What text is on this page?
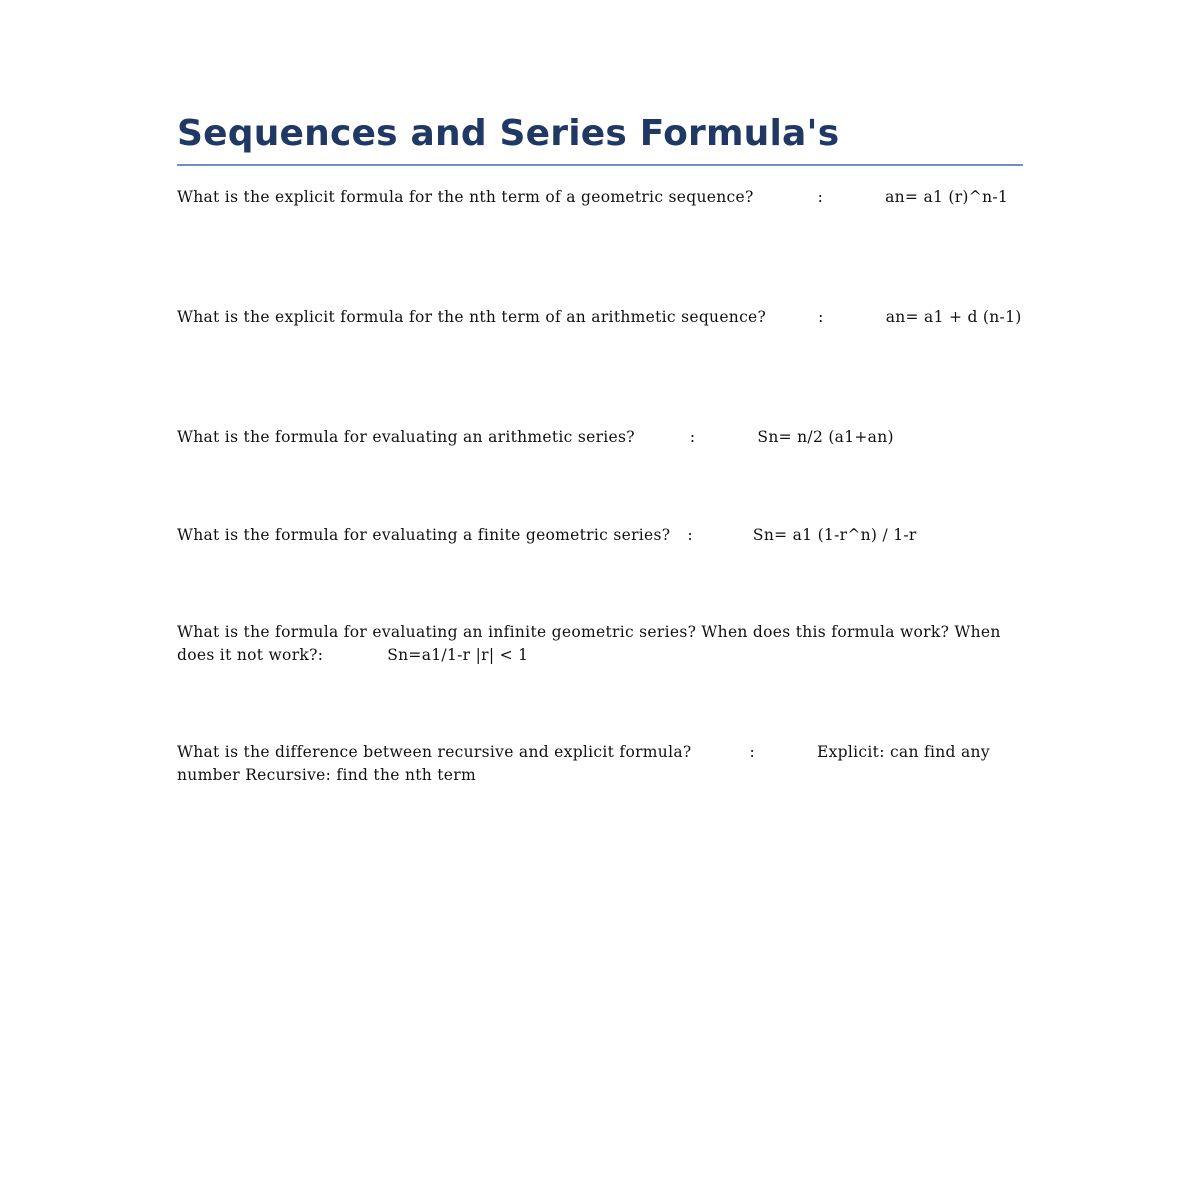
Sequences and Series Formula's
What is the explicit formula for the nth term of a geometric sequence?	:	an= a1 (r)^n-1
What is the explicit formula for the nth term of an arithmetic sequence?	:	an= a1 + d (n-1)
What is the formula for evaluating an arithmetic series?	:	Sn= n/2 (a1+an)
What is the formula for evaluating a finite geometric series? :	Sn= a1 (1-r^n) / 1-r
What is the formula for evaluating an infinite geometric series? When does this formula work? When does it not work?:	Sn=a1/1-r |r| < 1
What is the difference between recursive and explicit formula?	:	Explicit: can find any number Recursive: find the nth term
